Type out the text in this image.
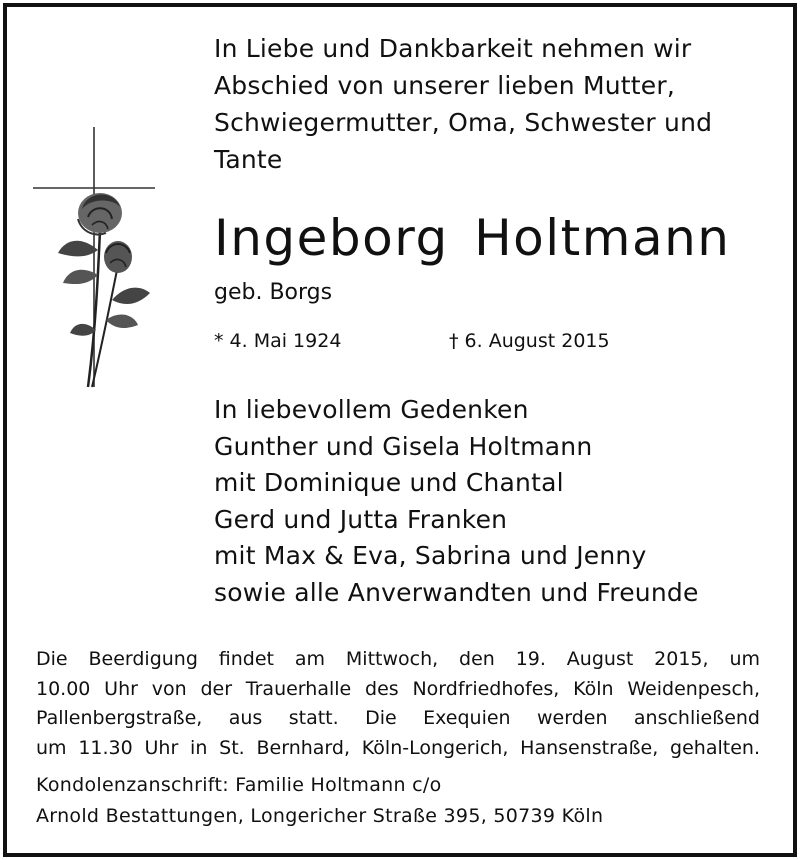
In Liebe und Dankbarkeit nehmen wir
Abschied von unserer lieben Mutter,
Schwiegermutter, Oma, Schwester und
Tante
Ingeborg Holtmann
geb. Borgs
* 4. Mai 1924	† 6. August 2015
In liebevollem Gedenken
Gunther und Gisela Holtmann
mit Dominique und Chantal
Gerd und Jutta Franken
mit Max & Eva, Sabrina und Jenny
sowie alle Anverwandten und Freunde
Die Beerdigung findet am Mittwoch, den 19. August 2015, um
10.00 Uhr von der Trauerhalle des Nordfriedhofes, Köln Weidenpesch,
Pallenbergstraße, aus statt. Die Exequien werden anschließend
um 11.30 Uhr in St. Bernhard, Köln-Longerich, Hansenstraße, gehalten.
Kondolenzanschrift: Familie Holtmann c/o
Arnold Bestattungen, Longericher Straße 395, 50739 Köln
